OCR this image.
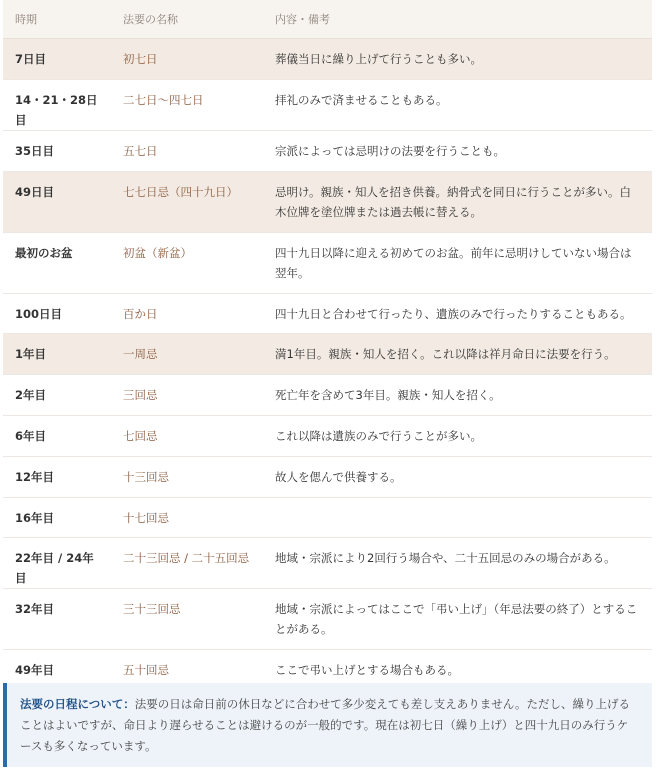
時期	法要の名称	内容・備考
7日目	初七日	葬儀当日に繰り上げて行うことも多い。
14・21・28日目	二七日〜四七日	拝礼のみで済ませることもある。
35日目	五七日	宗派によっては忌明けの法要を行うことも。
49日目	七七日忌（四十九日）	忌明け。親族・知人を招き供養。納骨式を同日に行うことが多い。白木位牌を塗位牌または過去帳に替える。
最初のお盆	初盆（新盆）	四十九日以降に迎える初めてのお盆。前年に忌明けしていない場合は翌年。
100日目	百か日	四十九日と合わせて行ったり、遺族のみで行ったりすることもある。
1年目	一周忌	満1年目。親族・知人を招く。これ以降は祥月命日に法要を行う。
2年目	三回忌	死亡年を含めて3年目。親族・知人を招く。
6年目	七回忌	これ以降は遺族のみで行うことが多い。
12年目	十三回忌	故人を偲んで供養する。
16年目	十七回忌	
22年目 / 24年目	二十三回忌 / 二十五回忌	地域・宗派により2回行う場合や、二十五回忌のみの場合がある。
32年目	三十三回忌	地域・宗派によってはここで「弔い上げ」（年忌法要の終了）とすることがある。
49年目	五十回忌	ここで弔い上げとする場合もある。
法要の日程について：法要の日は命日前の休日などに合わせて多少変えても差し支えありません。ただし、繰り上げることはよいですが、命日より遅らせることは避けるのが一般的です。現在は初七日（繰り上げ）と四十九日のみ行うケースも多くなっています。
